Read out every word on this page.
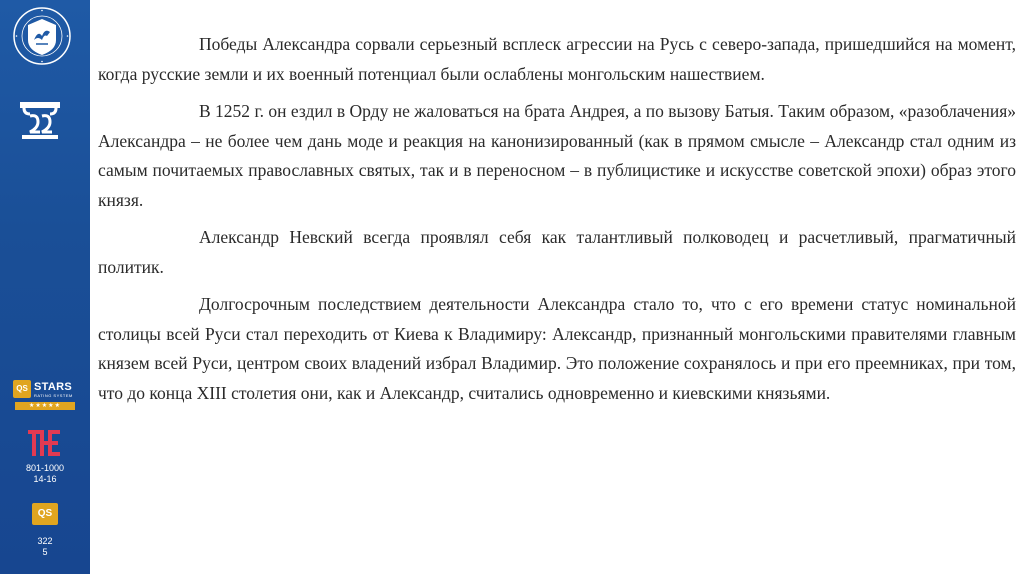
QS STARS
RATING SYSTEM
★★★★★
801-1000
14-16
QS
322
5

Победы Александра сорвали серьезный всплеск агрессии на Русь с северо-запада, пришедшийся на момент, когда русские земли и их военный потенциал были ослаблены монгольским нашествием.

В 1252 г. он ездил в Орду не жаловаться на брата Андрея, а по вызову Батыя. Таким образом, «разоблачения» Александра – не более чем дань моде и реакция на канонизированный (как в прямом смысле – Александр стал одним из самым почитаемых православных святых, так и в переносном – в публицистике и искусстве советской эпохи) образ этого князя.

Александр Невский всегда проявлял себя как талантливый полководец и расчетливый, прагматичный политик.

Долгосрочным последствием деятельности Александра стало то, что с его времени статус номинальной столицы всей Руси стал переходить от Киева к Владимиру: Александр, признанный монгольскими правителями главным князем всей Руси, центром своих владений избрал Владимир. Это положение сохранялось и при его преемниках, при том, что до конца XIII столетия они, как и Александр, считались одновременно и киевскими князьями.
